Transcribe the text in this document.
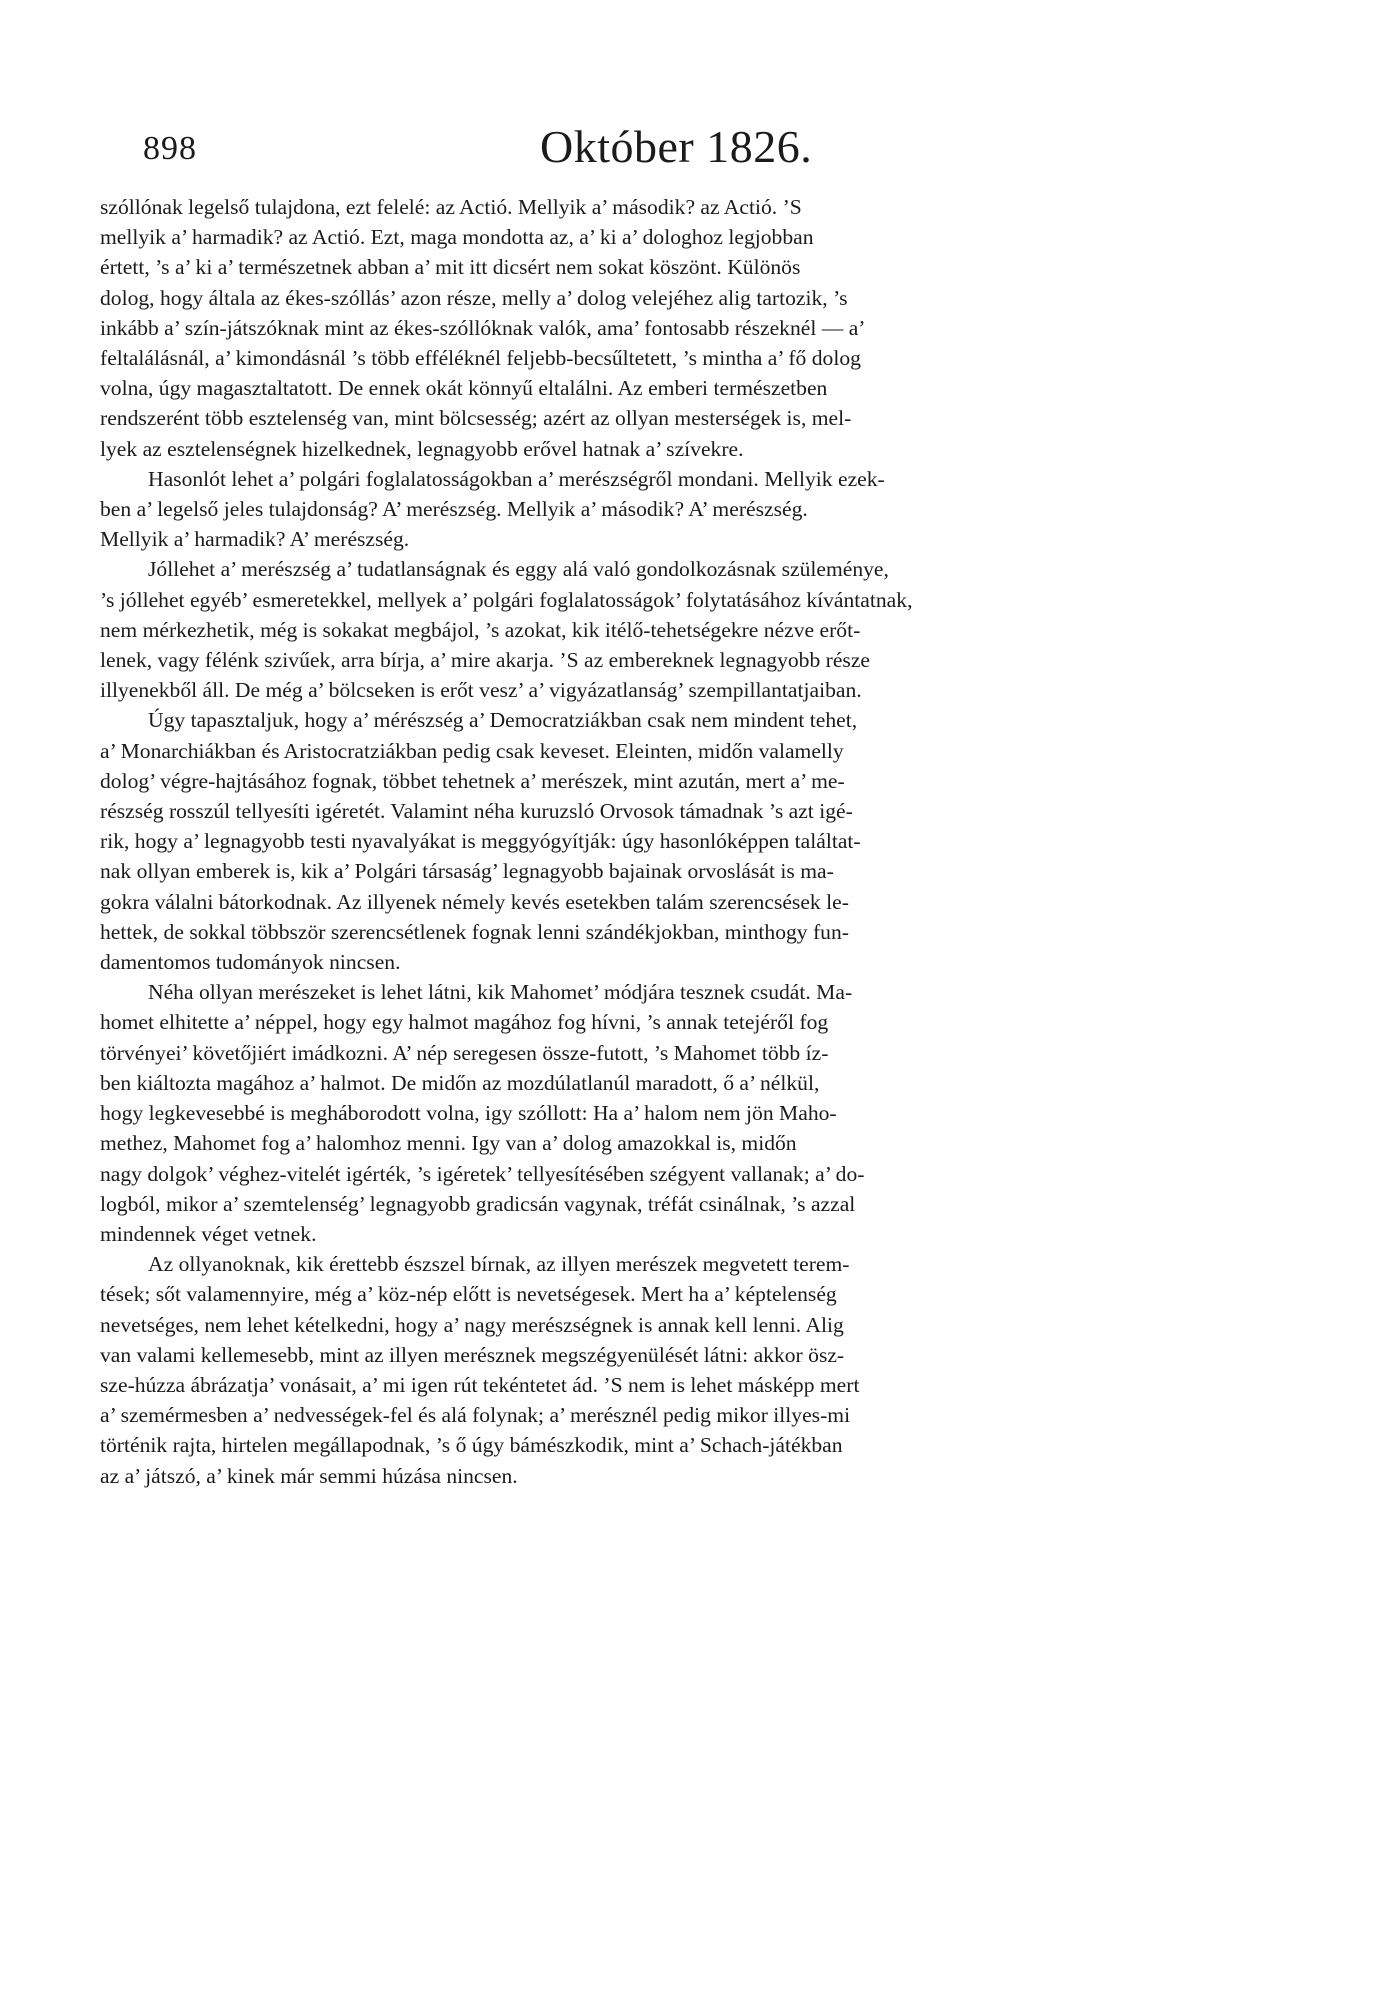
898	Október 1826.
szóllónak legelső tulajdona, ezt felelé: az Actió. Mellyik a’ második? az Actió. ’S
mellyik a’ harmadik? az Actió. Ezt, maga mondotta az, a’ ki a’ dologhoz legjobban
értett, ’s a’ ki a’ természetnek abban a’ mit itt dicsért nem sokat köszönt. Különös
dolog, hogy általa az ékes-szóllás’ azon része, melly a’ dolog velejéhez alig tartozik, ’s
inkább a’ szín-játszóknak mint az ékes-szóllóknak valók, ama’ fontosabb részeknél — a’
feltalálásnál, a’ kimondásnál ’s több efféléknél feljebb-becsűltetett, ’s mintha a’ fő dolog
volna, úgy magasztaltatott. De ennek okát könnyű eltalálni. Az emberi természetben
rendszerént több esztelenség van, mint bölcsesség; azért az ollyan mesterségek is, mel-
lyek az esztelenségnek hizelkednek, legnagyobb erővel hatnak a’ szívekre.
Hasonlót lehet a’ polgári foglalatosságokban a’ merészségről mondani. Mellyik ezek-
ben a’ legelső jeles tulajdonság? A’ merészség. Mellyik a’ második? A’ merészség.
Mellyik a’ harmadik? A’ merészség.
Jóllehet a’ merészség a’ tudatlanságnak és eggy alá való gondolkozásnak szüleménye,
’s jóllehet egyéb’ esmeretekkel, mellyek a’ polgári foglalatosságok’ folytatásához kívántatnak,
nem mérkezhetik, még is sokakat megbájol, ’s azokat, kik itélő-tehetségekre nézve erőt-
lenek, vagy félénk szivűek, arra bírja, a’ mire akarja. ’S az embereknek legnagyobb része
illyenekből áll. De még a’ bölcseken is erőt vesz’ a’ vigyázatlanság’ szempillantatjaiban.
Úgy tapasztaljuk, hogy a’ mérészség a’ Democratziákban csak nem mindent tehet,
a’ Monarchiákban és Aristocratziákban pedig csak keveset. Eleinten, midőn valamelly
dolog’ végre-hajtásához fognak, többet tehetnek a’ merészek, mint azután, mert a’ me-
részség rosszúl tellyesíti igéretét. Valamint néha kuruzsló Orvosok támadnak ’s azt igé-
rik, hogy a’ legnagyobb testi nyavalyákat is meggyógyítják: úgy hasonlóképpen találtat-
nak ollyan emberek is, kik a’ Polgári társaság’ legnagyobb bajainak orvoslását is ma-
gokra válalni bátorkodnak. Az illyenek némely kevés esetekben talám szerencsések le-
hettek, de sokkal többször szerencsétlenek fognak lenni szándékjokban, minthogy fun-
damentomos tudományok nincsen.
Néha ollyan merészeket is lehet látni, kik Mahomet’ módjára tesznek csudát. Ma-
homet elhitette a’ néppel, hogy egy halmot magához fog hívni, ’s annak tetejéről fog
törvényei’ követőjiért imádkozni. A’ nép seregesen össze-futott, ’s Mahomet több íz-
ben kiáltozta magához a’ halmot. De midőn az mozdúlatlanúl maradott, ő a’ nélkül,
hogy legkevesebbé is megháborodott volna, igy szóllott: Ha a’ halom nem jön Maho-
methez, Mahomet fog a’ halomhoz menni. Igy van a’ dolog amazokkal is, midőn
nagy dolgok’ véghez-vitelét igérték, ’s igéretek’ tellyesítésében szégyent vallanak; a’ do-
logból, mikor a’ szemtelenség’ legnagyobb gradicsán vagynak, tréfát csinálnak, ’s azzal
mindennek véget vetnek.
Az ollyanoknak, kik érettebb észszel bírnak, az illyen merészek megvetett terem-
tések; sőt valamennyire, még a’ köz-nép előtt is nevetségesek. Mert ha a’ képtelenség
nevetséges, nem lehet kételkedni, hogy a’ nagy merészségnek is annak kell lenni. Alig
van valami kellemesebb, mint az illyen merésznek megszégyenülését látni: akkor ösz-
sze-húzza ábrázatja’ vonásait, a’ mi igen rút tekéntetet ád. ’S nem is lehet másképp mert
a’ szemérmesben a’ nedvességek-fel és alá folynak; a’ merésznél pedig mikor illyes-mi
történik rajta, hirtelen megállapodnak, ’s ő úgy bámészkodik, mint a’ Schach-játékban
az a’ játszó, a’ kinek már semmi húzása nincsen.
